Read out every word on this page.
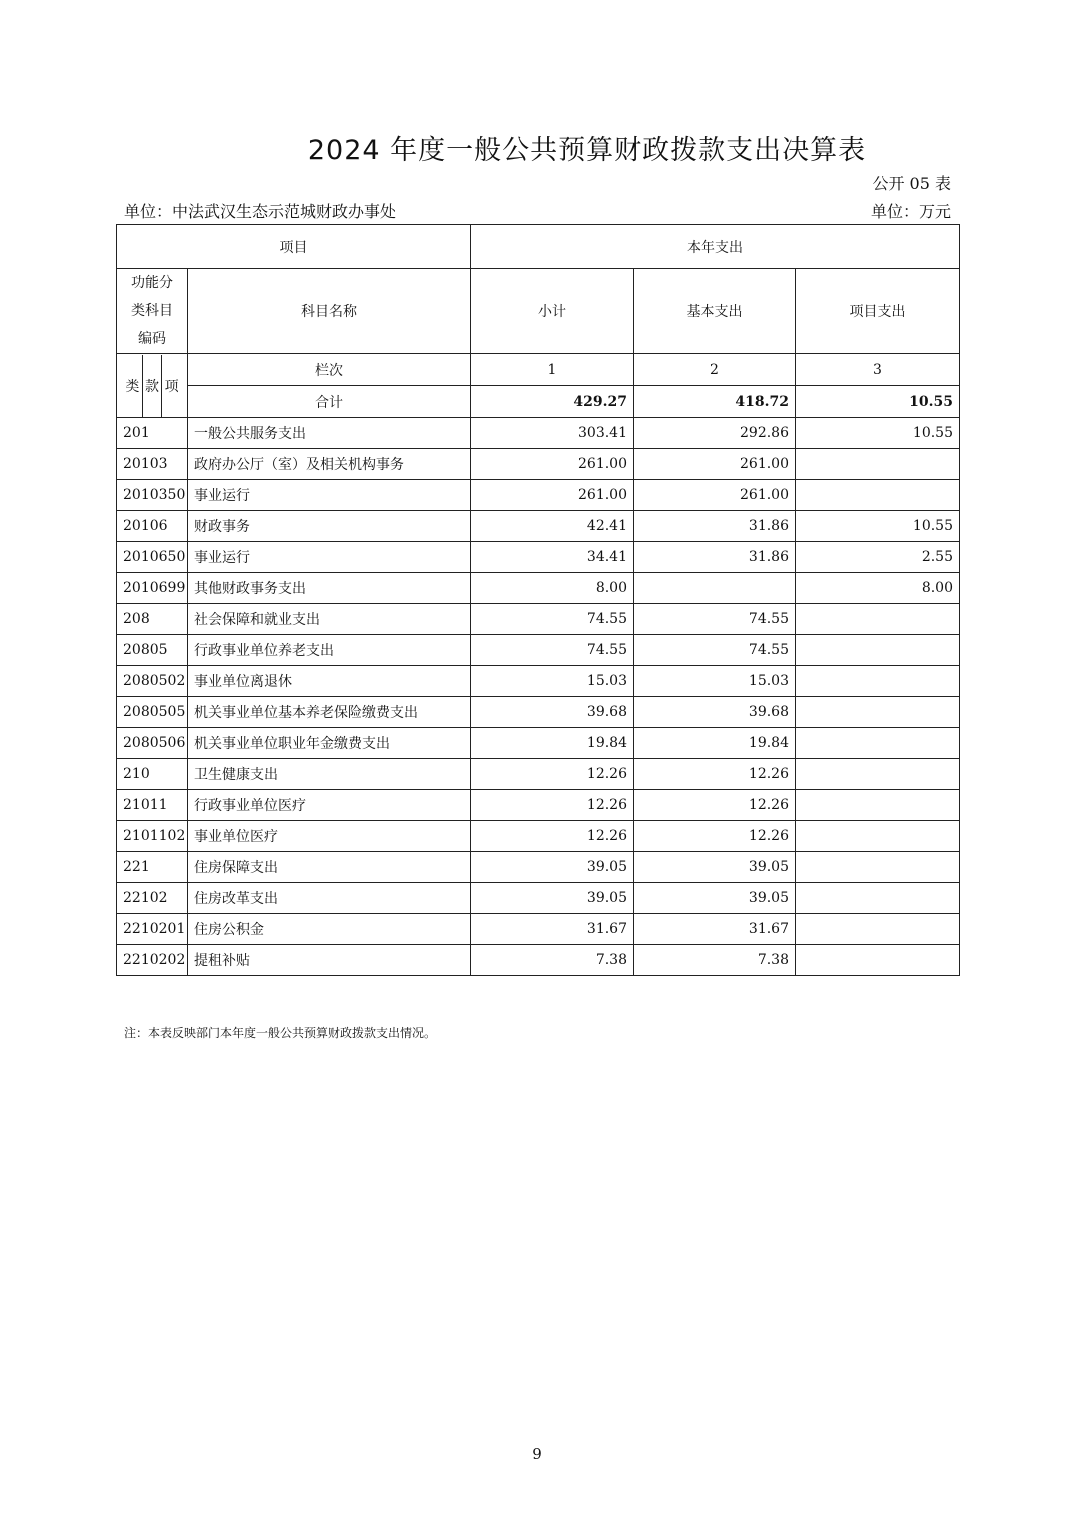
2024 年度一般公共预算财政拨款支出决算表
公开 05 表
单位：中法武汉生态示范城财政办事处	单位：万元
项目		本年支出		

功能分
类科目
编码	科目名称	小计	基本支出	项目支出

类 款 项	栏次	1	2	3
	合计	429.27	418.72	10.55
201	一般公共服务支出	303.41	292.86	10.55
20103	政府办公厅（室）及相关机构事务	261.00	261.00	
2010350	事业运行	261.00	261.00	
20106	财政事务	42.41	31.86	10.55
2010650	事业运行	34.41	31.86	2.55
2010699	其他财政事务支出	8.00		8.00
208	社会保障和就业支出	74.55	74.55	
20805	行政事业单位养老支出	74.55	74.55	
2080502	事业单位离退休	15.03	15.03	
2080505	机关事业单位基本养老保险缴费支出	39.68	39.68	
2080506	机关事业单位职业年金缴费支出	19.84	19.84	
210	卫生健康支出	12.26	12.26	
21011	行政事业单位医疗	12.26	12.26	
2101102	事业单位医疗	12.26	12.26	
221	住房保障支出	39.05	39.05	
22102	住房改革支出	39.05	39.05	
2210201	住房公积金	31.67	31.67	
2210202	提租补贴	7.38	7.38	
注：本表反映部门本年度一般公共预算财政拨款支出情况。
9
